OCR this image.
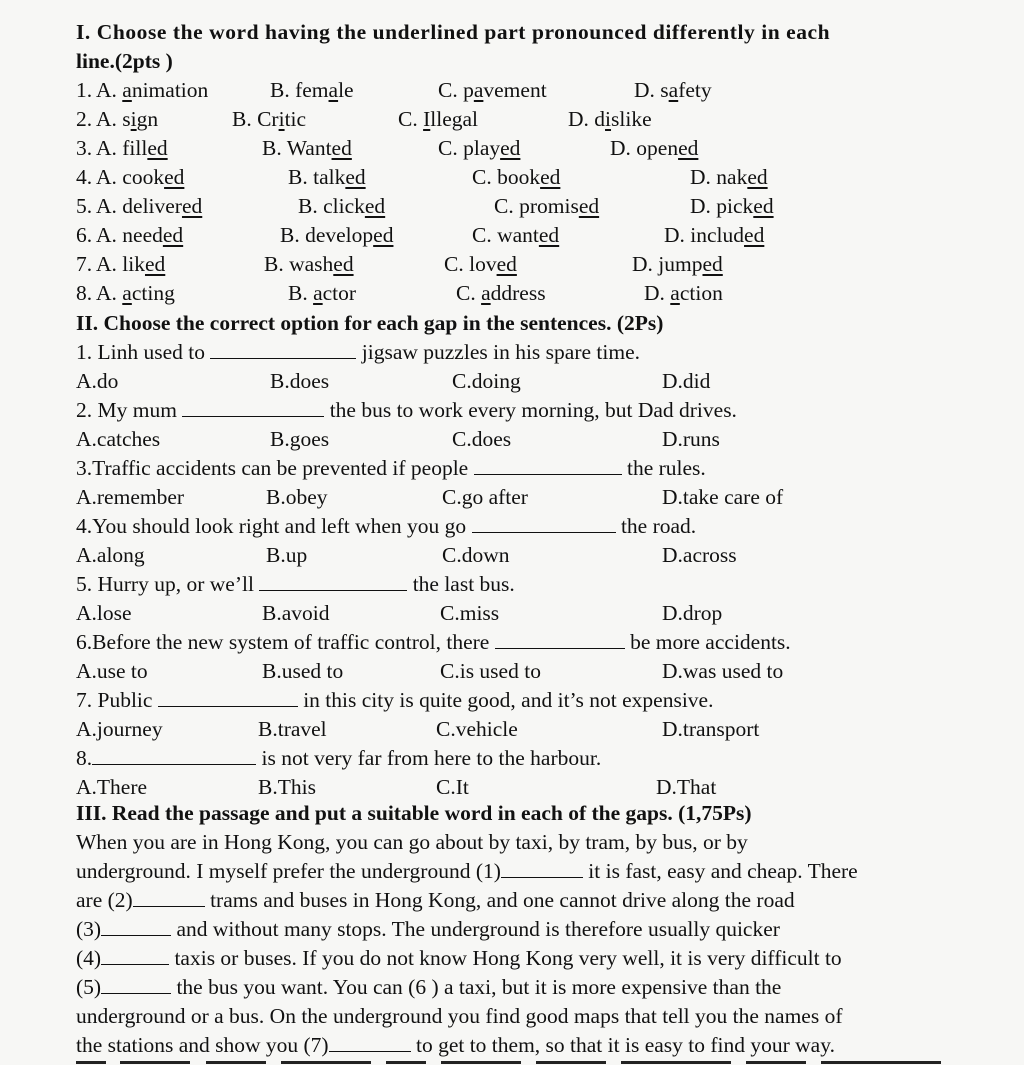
I. Choose the word having the underlined part pronounced differently in each
line.(2pts )
1. A. animation	B. female	C. pavement	D. safety
2. A. sign	B. Critic	C. Illegal	D. dislike
3. A. filled	B. Wanted	C. played	D. opened
4. A. cooked	B. talked	C. booked	D. naked
5. A. delivered	B. clicked	C. promised	D. picked
6. A. needed	B. developed	C. wanted	D. included
7. A. liked	B. washed	C. loved	D. jumped
8. A. acting	B. actor	C. address	D. action
II. Choose the correct option for each gap in the sentences. (2Ps)
1. Linh used to	jigsaw puzzles in his spare time.
A.do	B.does	C.doing	D.did
2. My mum	the bus to work every morning, but Dad drives.
A.catches	B.goes	C.does	D.runs
3.Traffic accidents can be prevented if people	the rules.
A.remember	B.obey	C.go after	D.take care of
4.You should look right and left when you go	the road.
A.along	B.up	C.down	D.across
5. Hurry up, or we’ll	the last bus.
A.lose	B.avoid	C.miss	D.drop
6.Before the new system of traffic control, there	be more accidents.
A.use to	B.used to	C.is used to	D.was used to
7. Public	in this city is quite good, and it’s not expensive.
A.journey	B.travel	C.vehicle	D.transport
8.	is not very far from here to the harbour.
A.There	B.This	C.It	D.That
III. Read the passage and put a suitable word in each of the gaps. (1,75Ps)
When you are in Hong Kong, you can go about by taxi, by tram, by bus, or by
underground. I myself prefer the underground (1)	it is fast, easy and cheap. There
are (2)	trams and buses in Hong Kong, and one cannot drive along the road
(3)	and without many stops. The underground is therefore usually quicker
(4)	taxis or buses. If you do not know Hong Kong very well, it is very difficult to
(5)	the bus you want. You can (6 ) a taxi, but it is more expensive than the
underground or a bus. On the underground you find good maps that tell you the names of
the stations and show you (7)	to get to them, so that it is easy to find your way.
